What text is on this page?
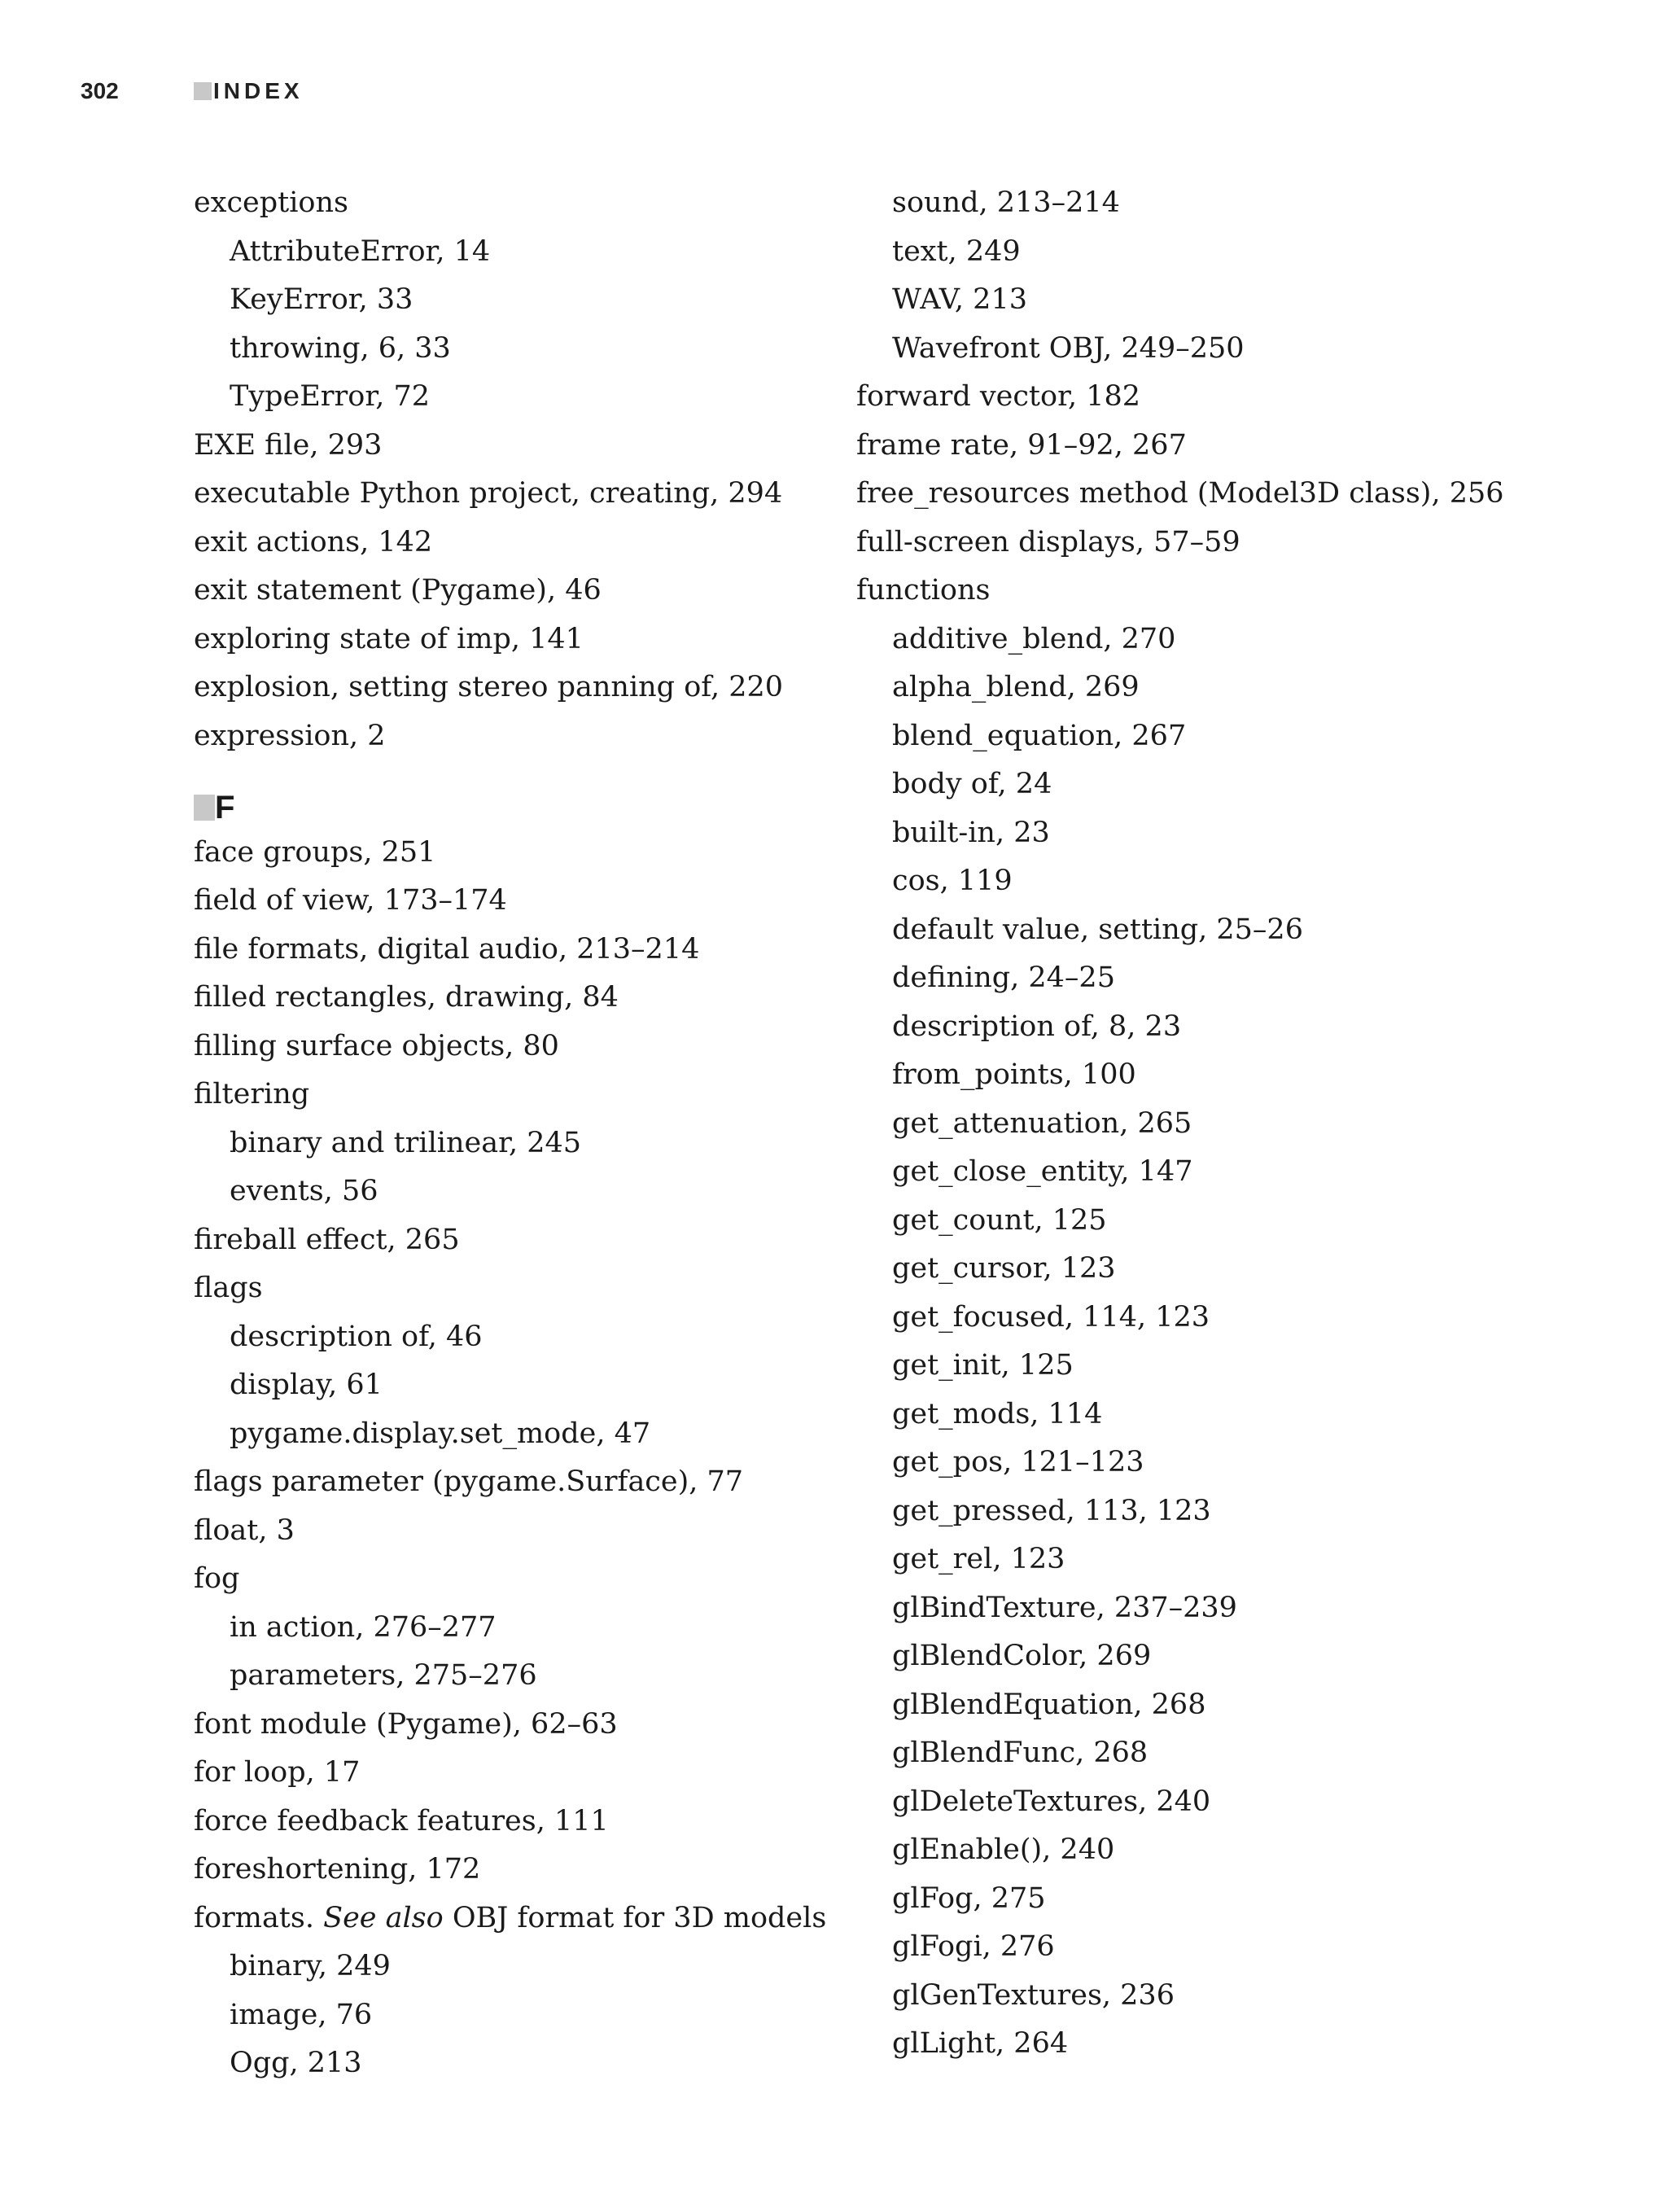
302	INDEX
exceptions
AttributeError, 14
KeyError, 33
throwing, 6, 33
TypeError, 72
EXE file, 293
executable Python project, creating, 294
exit actions, 142
exit statement (Pygame), 46
exploring state of imp, 141
explosion, setting stereo panning of, 220
expression, 2
F
face groups, 251
field of view, 173–174
file formats, digital audio, 213–214
filled rectangles, drawing, 84
filling surface objects, 80
filtering
binary and trilinear, 245
events, 56
fireball effect, 265
flags
description of, 46
display, 61
pygame.display.set_mode, 47
flags parameter (pygame.Surface), 77
float, 3
fog
in action, 276–277
parameters, 275–276
font module (Pygame), 62–63
for loop, 17
force feedback features, 111
foreshortening, 172
formats. See also OBJ format for 3D models
binary, 249
image, 76
Ogg, 213
sound, 213–214
text, 249
WAV, 213
Wavefront OBJ, 249–250
forward vector, 182
frame rate, 91–92, 267
free_resources method (Model3D class), 256
full-screen displays, 57–59
functions
additive_blend, 270
alpha_blend, 269
blend_equation, 267
body of, 24
built-in, 23
cos, 119
default value, setting, 25–26
defining, 24–25
description of, 8, 23
from_points, 100
get_attenuation, 265
get_close_entity, 147
get_count, 125
get_cursor, 123
get_focused, 114, 123
get_init, 125
get_mods, 114
get_pos, 121–123
get_pressed, 113, 123
get_rel, 123
glBindTexture, 237–239
glBlendColor, 269
glBlendEquation, 268
glBlendFunc, 268
glDeleteTextures, 240
glEnable(), 240
glFog, 275
glFogi, 276
glGenTextures, 236
glLight, 264
